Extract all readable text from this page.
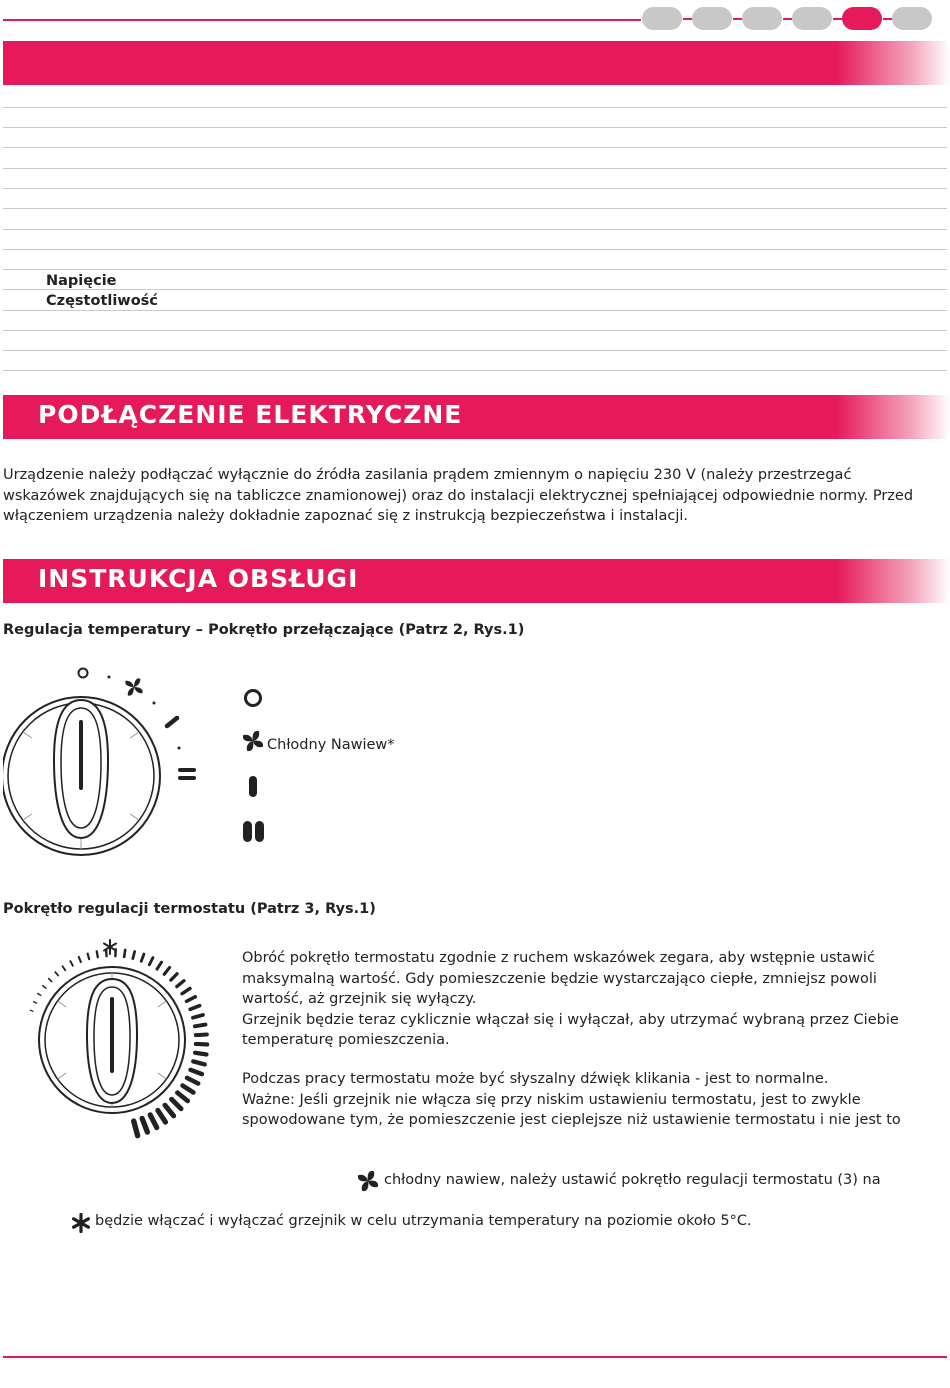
Napięcie
Częstotliwość
PODŁĄCZENIE ELEKTRYCZNE
Urządzenie należy podłączać wyłącznie do źródła zasilania prądem zmiennym o napięciu 230 V (należy przestrzegać
wskazówek znajdujących się na tabliczce znamionowej) oraz do instalacji elektrycznej spełniającej odpowiednie normy. Przed
włączeniem urządzenia należy dokładnie zapoznać się z instrukcją bezpieczeństwa i instalacji.
INSTRUKCJA OBSŁUGI
Regulacja temperatury – Pokrętło przełączające (Patrz 2, Rys.1)
Chłodny Nawiew*
Pokrętło regulacji termostatu (Patrz 3, Rys.1)
Obróć pokrętło termostatu zgodnie z ruchem wskazówek zegara, aby wstępnie ustawić
maksymalną wartość. Gdy pomieszczenie będzie wystarczająco ciepłe, zmniejsz powoli
wartość, aż grzejnik się wyłączy.
Grzejnik będzie teraz cyklicznie włączał się i wyłączał, aby utrzymać wybraną przez Ciebie
temperaturę pomieszczenia.
Podczas pracy termostatu może być słyszalny dźwięk klikania - jest to normalne.
Ważne: Jeśli grzejnik nie włącza się przy niskim ustawieniu termostatu, jest to zwykle
spowodowane tym, że pomieszczenie jest cieplejsze niż ustawienie termostatu i nie jest to
chłodny nawiew, należy ustawić pokrętło regulacji termostatu (3) na
będzie włączać i wyłączać grzejnik w celu utrzymania temperatury na poziomie około 5°C.
